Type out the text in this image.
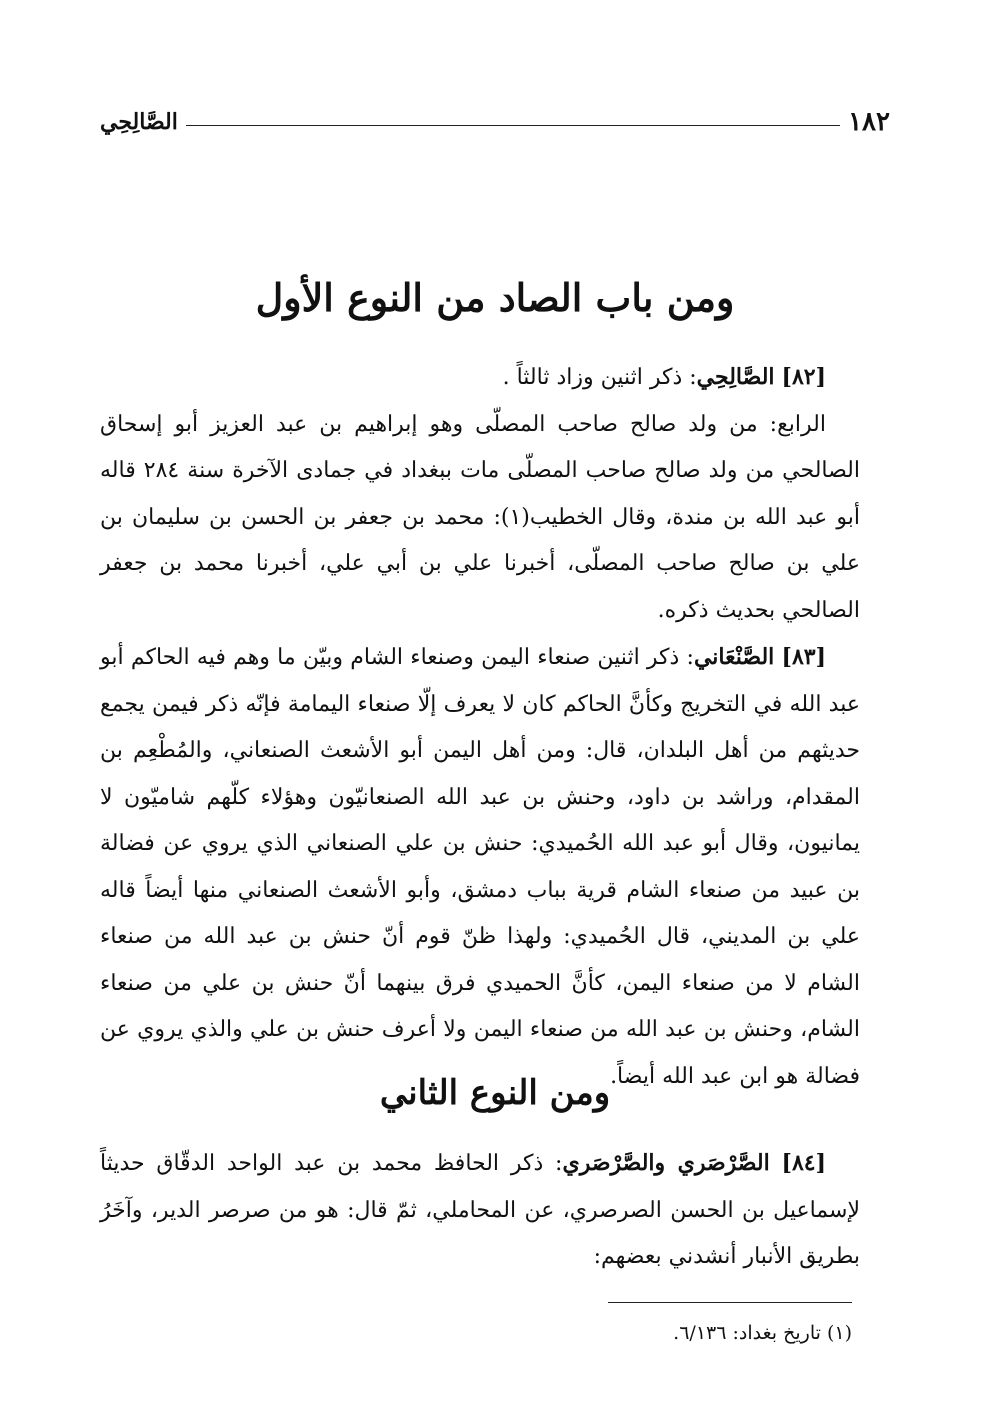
١٨٢
الصَّالِحِي
ومن باب الصاد من النوع الأول

[٨٢] الصَّالِحِي: ذكر اثنين وزاد ثالثاً .

الرابع: من ولد صالح صاحب المصلّى وهو إبراهيم بن عبد العزيز أبو إسحاق الصالحي من ولد صالح صاحب المصلّى مات ببغداد في جمادى الآخرة سنة ٢٨٤ قاله أبو عبد الله بن مندة، وقال الخطيب(١): محمد بن جعفر بن الحسن بن سليمان بن علي بن صالح صاحب المصلّى، أخبرنا علي بن أبي علي، أخبرنا محمد بن جعفر الصالحي بحديث ذكره.

[٨٣] الصَّنْعَاني: ذكر اثنين صنعاء اليمن وصنعاء الشام وبيّن ما وهم فيه الحاكم أبو عبد الله في التخريج وكأنَّ الحاكم كان لا يعرف إلّا صنعاء اليمامة فإنّه ذكر فيمن يجمع حديثهم من أهل البلدان، قال: ومن أهل اليمن أبو الأشعث الصنعاني، والمُطْعِم بن المقدام، وراشد بن داود، وحنش بن عبد الله الصنعانيّون وهؤلاء كلّهم شاميّون لا يمانيون، وقال أبو عبد الله الحُميدي: حنش بن علي الصنعاني الذي يروي عن فضالة بن عبيد من صنعاء الشام قرية بباب دمشق، وأبو الأشعث الصنعاني منها أيضاً قاله علي بن المديني، قال الحُميدي: ولهذا ظنّ قوم أنّ حنش بن عبد الله من صنعاء الشام لا من صنعاء اليمن، كأنَّ الحميدي فرق بينهما أنّ حنش بن علي من صنعاء الشام، وحنش بن عبد الله من صنعاء اليمن ولا أعرف حنش بن علي والذي يروي عن فضالة هو ابن عبد الله أيضاً.

ومن النوع الثاني

[٨٤] الصَّرْصَري والصَّرْصَري: ذكر الحافظ محمد بن عبد الواحد الدقّاق حديثاً لإسماعيل بن الحسن الصرصري، عن المحاملي، ثمّ قال: هو من صرصر الدير، وآخَرُ بطريق الأنبار أنشدني بعضهم:

(١) تاريخ بغداد: ٦/١٣٦.
